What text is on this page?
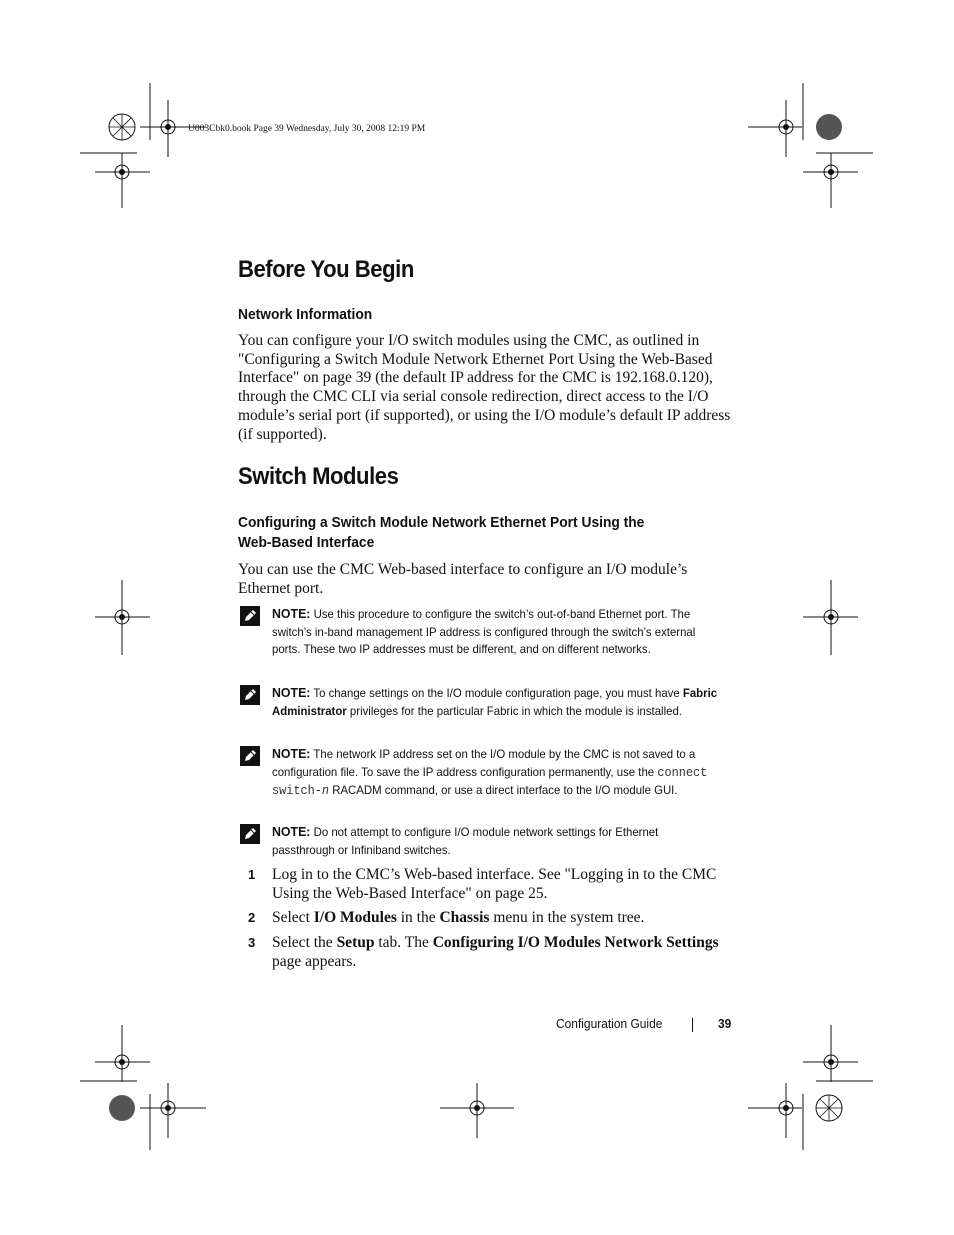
U003Cbk0.book Page 39 Wednesday, July 30, 2008 12:19 PM
Before You Begin
Network Information
You can configure your I/O switch modules using the CMC, as outlined in "Configuring a Switch Module Network Ethernet Port Using the Web-Based Interface" on page 39 (the default IP address for the CMC is 192.168.0.120), through the CMC CLI via serial console redirection, direct access to the I/O module’s serial port (if supported), or using the I/O module’s default IP address (if supported).
Switch Modules
Configuring a Switch Module Network Ethernet Port Using the
Web-Based Interface
You can use the CMC Web-based interface to configure an I/O module’s Ethernet port.
NOTE: Use this procedure to configure the switch’s out-of-band Ethernet port. The switch’s in-band management IP address is configured through the switch’s external ports. These two IP addresses must be different, and on different networks.
NOTE: To change settings on the I/O module configuration page, you must have Fabric Administrator privileges for the particular Fabric in which the module is installed.
NOTE: The network IP address set on the I/O module by the CMC is not saved to a configuration file. To save the IP address configuration permanently, use the connect switch-n RACADM command, or use a direct interface to the I/O module GUI.
NOTE: Do not attempt to configure I/O module network settings for Ethernet passthrough or Infiniband switches.
1 Log in to the CMC’s Web-based interface. See "Logging in to the CMC Using the Web-Based Interface" on page 25.
2 Select I/O Modules in the Chassis menu in the system tree.
3 Select the Setup tab. The Configuring I/O Modules Network Settings page appears.
Configuration Guide	39
